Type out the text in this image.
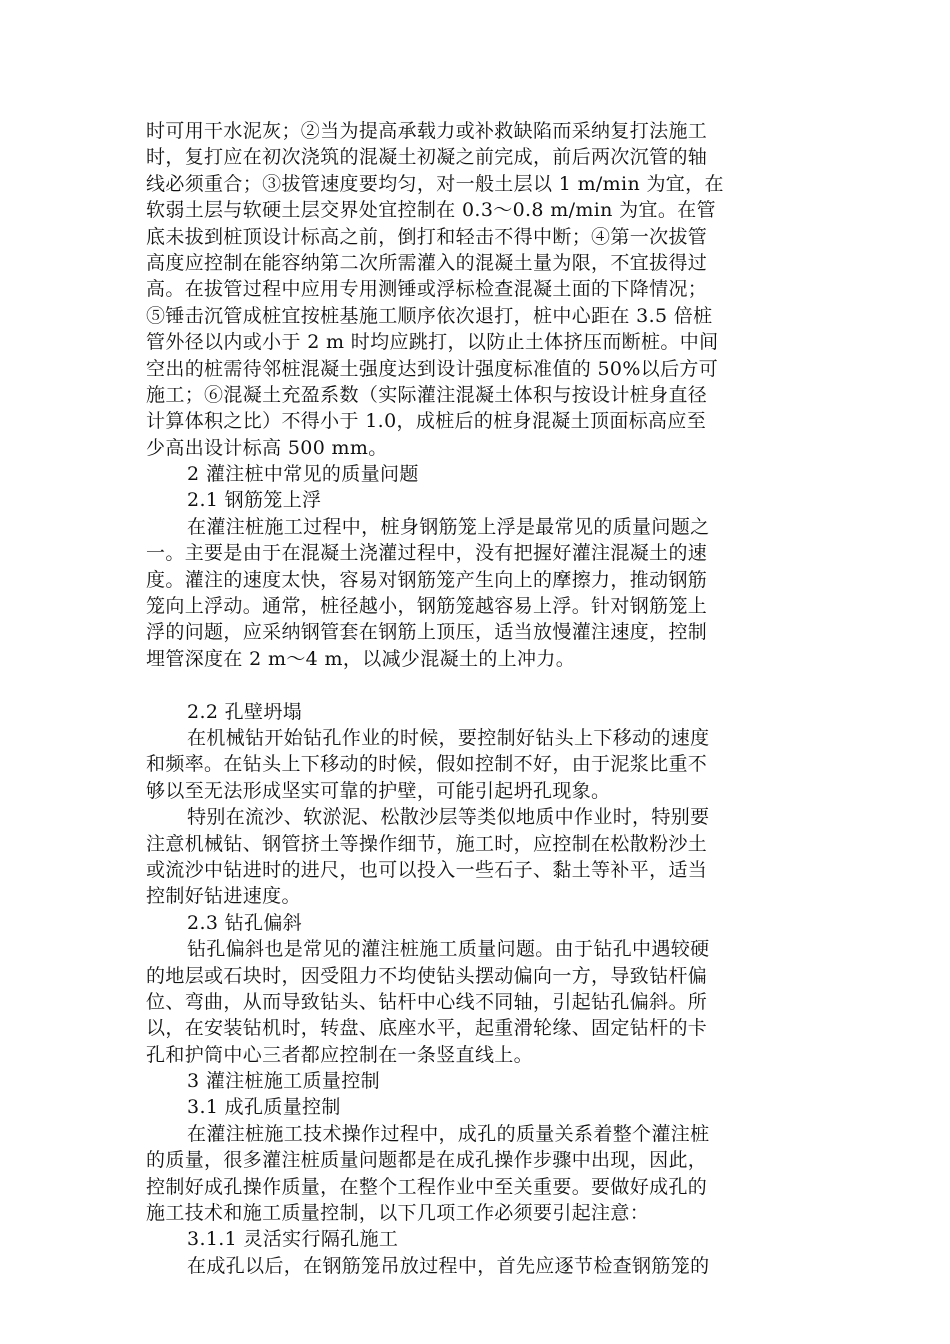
时可用干水泥灰；②当为提高承载力或补救缺陷而采纳复打法施工
时，复打应在初次浇筑的混凝土初凝之前完成，前后两次沉管的轴
线必须重合；③拔管速度要均匀，对一般土层以 1 m/min 为宜，在
软弱土层与软硬土层交界处宜控制在 0.3～0.8 m/min 为宜。在管
底未拔到桩顶设计标高之前，倒打和轻击不得中断；④第一次拔管
高度应控制在能容纳第二次所需灌入的混凝土量为限，不宜拔得过
高。在拔管过程中应用专用测锤或浮标检查混凝土面的下降情况；
⑤锤击沉管成桩宜按桩基施工顺序依次退打，桩中心距在 3.5 倍桩
管外径以内或小于 2 m 时均应跳打，以防止土体挤压而断桩。中间
空出的桩需待邻桩混凝土强度达到设计强度标准值的 50%以后方可
施工；⑥混凝土充盈系数（实际灌注混凝土体积与按设计桩身直径
计算体积之比）不得小于 1.0，成桩后的桩身混凝土顶面标高应至
少高出设计标高 500 mm。
2 灌注桩中常见的质量问题
2.1 钢筋笼上浮
在灌注桩施工过程中，桩身钢筋笼上浮是最常见的质量问题之
一。主要是由于在混凝土浇灌过程中，没有把握好灌注混凝土的速
度。灌注的速度太快，容易对钢筋笼产生向上的摩擦力，推动钢筋
笼向上浮动。通常，桩径越小，钢筋笼越容易上浮。针对钢筋笼上
浮的问题，应采纳钢管套在钢筋上顶压，适当放慢灌注速度，控制
埋管深度在 2 m～4 m，以减少混凝土的上冲力。
2.2 孔壁坍塌
在机械钻开始钻孔作业的时候，要控制好钻头上下移动的速度
和频率。在钻头上下移动的时候，假如控制不好，由于泥浆比重不
够以至无法形成坚实可靠的护壁，可能引起坍孔现象。
特别在流沙、软淤泥、松散沙层等类似地质中作业时，特别要
注意机械钻、钢管挤土等操作细节，施工时，应控制在松散粉沙土
或流沙中钻进时的进尺，也可以投入一些石子、黏土等补平，适当
控制好钻进速度。
2.3 钻孔偏斜
钻孔偏斜也是常见的灌注桩施工质量问题。由于钻孔中遇较硬
的地层或石块时，因受阻力不均使钻头摆动偏向一方，导致钻杆偏
位、弯曲，从而导致钻头、钻杆中心线不同轴，引起钻孔偏斜。所
以，在安装钻机时，转盘、底座水平，起重滑轮缘、固定钻杆的卡
孔和护筒中心三者都应控制在一条竖直线上。
3 灌注桩施工质量控制
3.1 成孔质量控制
在灌注桩施工技术操作过程中，成孔的质量关系着整个灌注桩
的质量，很多灌注桩质量问题都是在成孔操作步骤中出现，因此，
控制好成孔操作质量，在整个工程作业中至关重要。要做好成孔的
施工技术和施工质量控制，以下几项工作必须要引起注意：
3.1.1 灵活实行隔孔施工
在成孔以后，在钢筋笼吊放过程中，首先应逐节检查钢筋笼的
